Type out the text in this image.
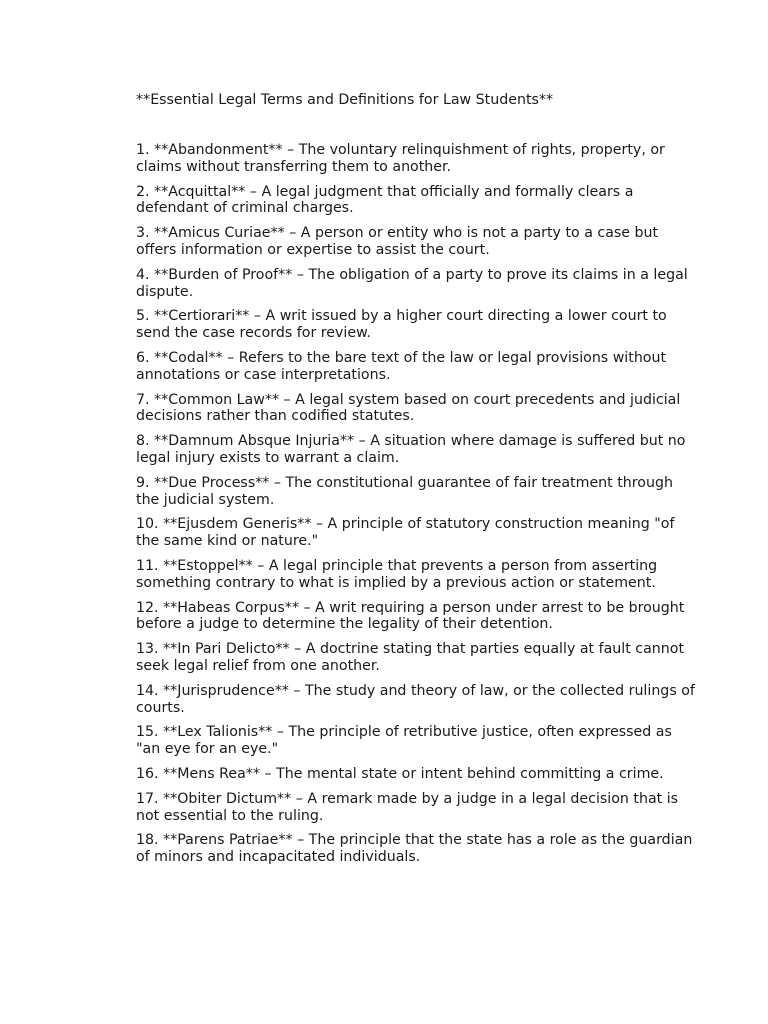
**Essential Legal Terms and Definitions for Law Students**

1. **Abandonment** – The voluntary relinquishment of rights, property, or claims without transferring them to another.
2. **Acquittal** – A legal judgment that officially and formally clears a defendant of criminal charges.
3. **Amicus Curiae** – A person or entity who is not a party to a case but offers information or expertise to assist the court.
4. **Burden of Proof** – The obligation of a party to prove its claims in a legal dispute.
5. **Certiorari** – A writ issued by a higher court directing a lower court to send the case records for review.
6. **Codal** – Refers to the bare text of the law or legal provisions without annotations or case interpretations.
7. **Common Law** – A legal system based on court precedents and judicial decisions rather than codified statutes.
8. **Damnum Absque Injuria** – A situation where damage is suffered but no legal injury exists to warrant a claim.
9. **Due Process** – The constitutional guarantee of fair treatment through the judicial system.
10. **Ejusdem Generis** – A principle of statutory construction meaning "of the same kind or nature."
11. **Estoppel** – A legal principle that prevents a person from asserting something contrary to what is implied by a previous action or statement.
12. **Habeas Corpus** – A writ requiring a person under arrest to be brought before a judge to determine the legality of their detention.
13. **In Pari Delicto** – A doctrine stating that parties equally at fault cannot seek legal relief from one another.
14. **Jurisprudence** – The study and theory of law, or the collected rulings of courts.
15. **Lex Talionis** – The principle of retributive justice, often expressed as "an eye for an eye."
16. **Mens Rea** – The mental state or intent behind committing a crime.
17. **Obiter Dictum** – A remark made by a judge in a legal decision that is not essential to the ruling.
18. **Parens Patriae** – The principle that the state has a role as the guardian of minors and incapacitated individuals.
